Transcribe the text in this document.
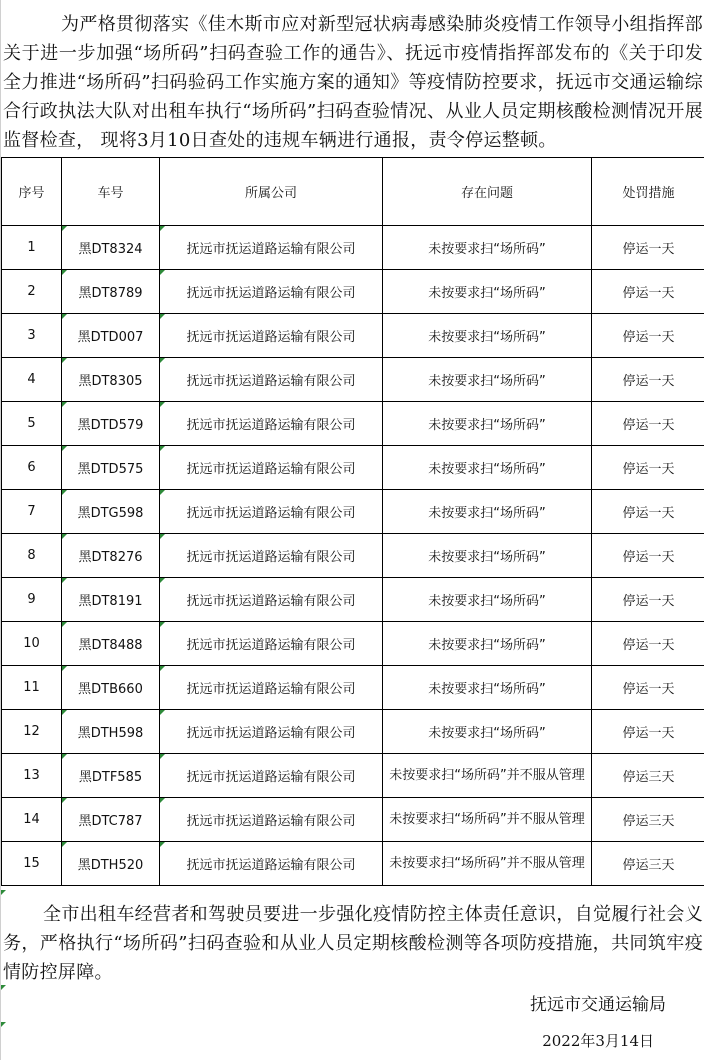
为严格贯彻落实《佳木斯市应对新型冠状病毒感染肺炎疫情工作领导小组指挥部关于进一步加强“场所码”扫码查验工作的通告》、抚远市疫情指挥部发布的《关于印发全力推进“场所码”扫码验码工作实施方案的通知》等疫情防控要求，抚远市交通运输综合行政执法大队对出租车执行“场所码”扫码查验情况、从业人员定期核酸检测情况开展监督检查， 现将3月10日查处的违规车辆进行通报，责令停运整顿。

序号	车号	所属公司	存在问题	处罚措施
1	黑DT8324	抚远市抚运道路运输有限公司	未按要求扫“场所码”	停运一天
2	黑DT8789	抚远市抚运道路运输有限公司	未按要求扫“场所码”	停运一天
3	黑DTD007	抚远市抚运道路运输有限公司	未按要求扫“场所码”	停运一天
4	黑DT8305	抚远市抚运道路运输有限公司	未按要求扫“场所码”	停运一天
5	黑DTD579	抚远市抚运道路运输有限公司	未按要求扫“场所码”	停运一天
6	黑DTD575	抚远市抚运道路运输有限公司	未按要求扫“场所码”	停运一天
7	黑DTG598	抚远市抚运道路运输有限公司	未按要求扫“场所码”	停运一天
8	黑DT8276	抚远市抚运道路运输有限公司	未按要求扫“场所码”	停运一天
9	黑DT8191	抚远市抚运道路运输有限公司	未按要求扫“场所码”	停运一天
10	黑DT8488	抚远市抚运道路运输有限公司	未按要求扫“场所码”	停运一天
11	黑DTB660	抚远市抚运道路运输有限公司	未按要求扫“场所码”	停运一天
12	黑DTH598	抚远市抚运道路运输有限公司	未按要求扫“场所码”	停运一天
13	黑DTF585	抚远市抚运道路运输有限公司	未按要求扫“场所码”并不服从管理	停运三天
14	黑DTC787	抚远市抚运道路运输有限公司	未按要求扫“场所码”并不服从管理	停运三天
15	黑DTH520	抚远市抚运道路运输有限公司	未按要求扫“场所码”并不服从管理	停运三天

全市出租车经营者和驾驶员要进一步强化疫情防控主体责任意识，自觉履行社会义务，严格执行“场所码”扫码查验和从业人员定期核酸检测等各项防疫措施，共同筑牢疫情防控屏障。

抚远市交通运输局
2022年3月14日
